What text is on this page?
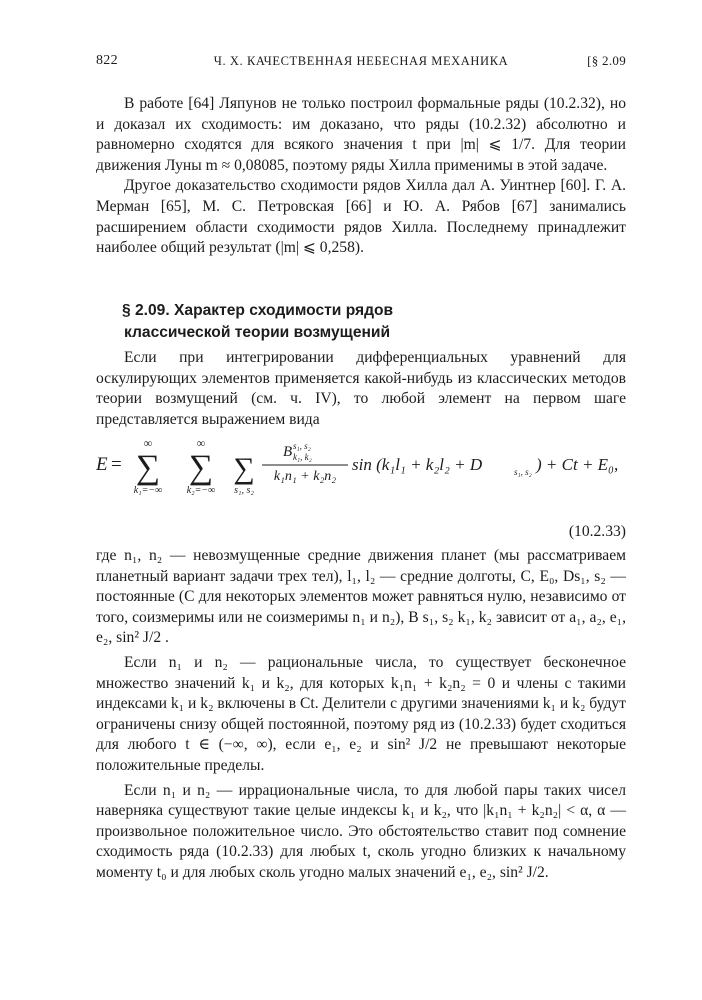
822	Ч. X. КАЧЕСТВЕННАЯ НЕБЕСНАЯ МЕХАНИКА	[§ 2.09

В работе [64] Ляпунов не только построил формальные ряды (10.2.32), но и доказал их сходимость: им доказано, что ряды (10.2.32) абсолютно и равномерно сходятся для всякого значения t при |m| ⩽ 1/7. Для теории движения Луны m ≈ 0,08085, поэтому ряды Хилла применимы в этой задаче.

Другое доказательство сходимости рядов Хилла дал А. Уинтнер [60]. Г. А. Мерман [65], М. С. Петровская [66] и Ю. А. Рябов [67] занимались расширением области сходимости рядов Хилла. Последнему принадлежит наиболее общий результат (|m| ⩽ 0,258).

§ 2.09. Характер сходимости рядов
классической теории возмущений

Если при интегрировании дифференциальных уравнений для оскулирующих элементов применяется какой-нибудь из классических методов теории возмущений (см. ч. IV), то любой элемент на первом шаге представляется выражением вида

E =
∞
∑
k₁=−∞
∞
∑
k₂=−∞
∑
s₁, s₂
B s₁, s₂
k₁, k₂
k₁n₁ + k₂n₂
sin (k₁l₁ + k₂l₂ + D	s₁, s₂ ) + Ct + E₀,
(10.2.33)

где n₁, n₂ — невозмущенные средние движения планет (мы рассматриваем планетный вариант задачи трех тел), l₁, l₂ — средние долготы, C, E₀, Ds₁, s₂ — постоянные (C для некоторых элементов может равняться нулю, независимо от того, соизмеримы или не соизмеримы n₁ и n₂), B s₁, s₂ k₁, k₂ зависит от a₁, a₂, e₁, e₂, sin² J/2 .

Если n₁ и n₂ — рациональные числа, то существует бесконечное множество значений k₁ и k₂, для которых k₁n₁ + k₂n₂ = 0 и члены с такими индексами k₁ и k₂ включены в Ct. Делители с другими значениями k₁ и k₂ будут ограничены снизу общей постоянной, поэтому ряд из (10.2.33) будет сходиться для любого t ∈ (−∞, ∞), если e₁, e₂ и sin² J/2 не превышают некоторые положительные пределы.

Если n₁ и n₂ — иррациональные числа, то для любой пары таких чисел наверняка существуют такие целые индексы k₁ и k₂, что |k₁n₁ + k₂n₂| < α, α — произвольное положительное число. Это обстоятельство ставит под сомнение сходимость ряда (10.2.33) для любых t, сколь угодно близких к начальному моменту t₀ и для любых сколь угодно малых значений e₁, e₂, sin² J/2.
